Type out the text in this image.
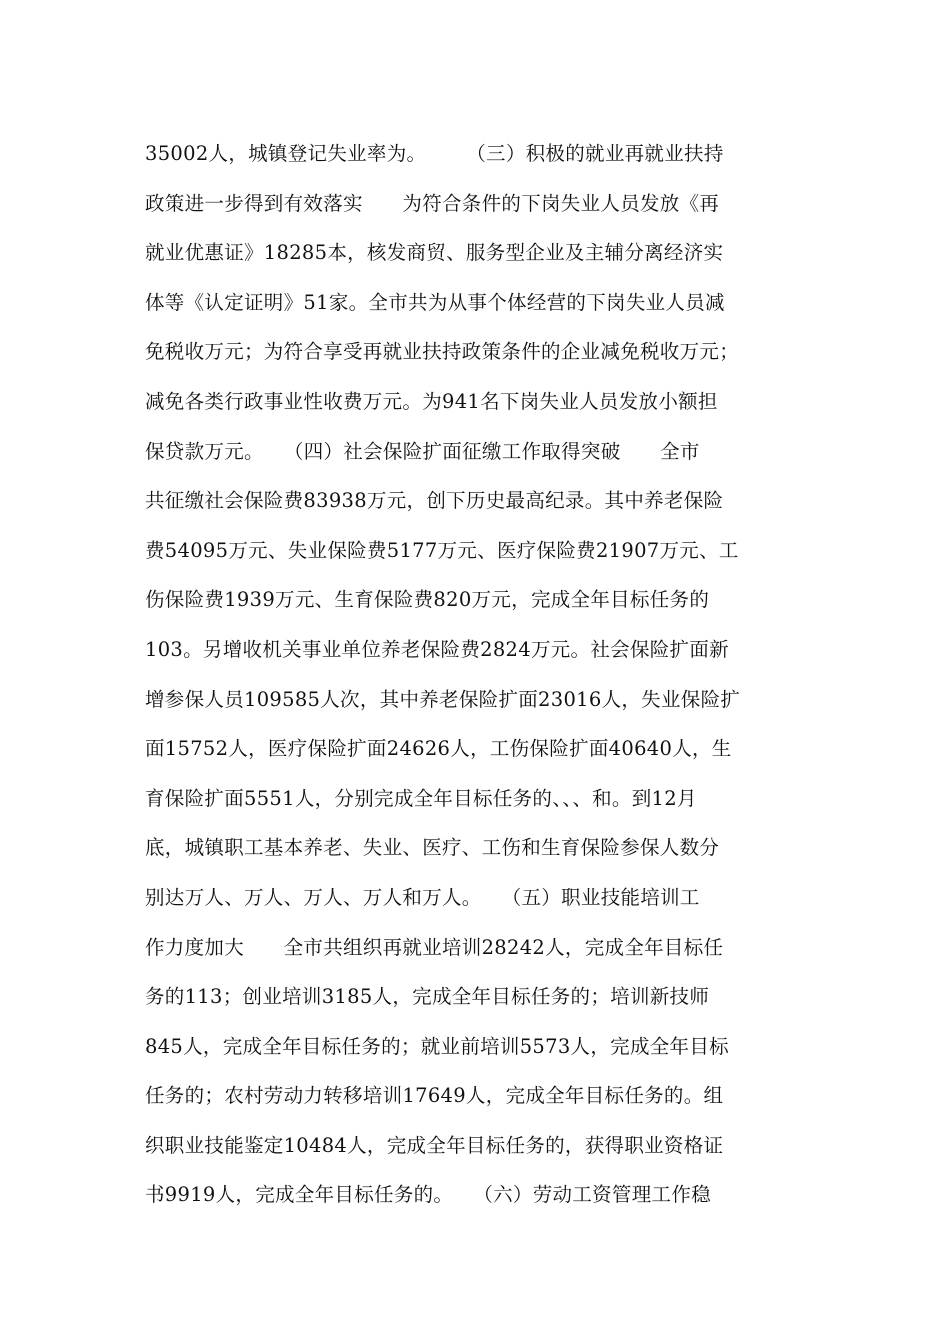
35002人，城镇登记失业率为。　　　（三）积极的就业再就业扶持
政策进一步得到有效落实　　为符合条件的下岗失业人员发放《再
就业优惠证》18285本，核发商贸、服务型企业及主辅分离经济实
体等《认定证明》51家。全市共为从事个体经营的下岗失业人员减
免税收万元；为符合享受再就业扶持政策条件的企业减免税收万元；
减免各类行政事业性收费万元。为941名下岗失业人员发放小额担
保贷款万元。　　（四）社会保险扩面征缴工作取得突破　　全市
共征缴社会保险费83938万元，创下历史最高纪录。其中养老保险
费54095万元、失业保险费5177万元、医疗保险费21907万元、工
伤保险费1939万元、生育保险费820万元，完成全年目标任务的
103。另增收机关事业单位养老保险费2824万元。社会保险扩面新
增参保人员109585人次，其中养老保险扩面23016人，失业保险扩
面15752人，医疗保险扩面24626人，工伤保险扩面40640人，生
育保险扩面5551人，分别完成全年目标任务的、、、和。到12月
底，城镇职工基本养老、失业、医疗、工伤和生育保险参保人数分
别达万人、万人、万人、万人和万人。　　（五）职业技能培训工
作力度加大　　全市共组织再就业培训28242人，完成全年目标任
务的113；创业培训3185人，完成全年目标任务的；培训新技师
845人，完成全年目标任务的；就业前培训5573人，完成全年目标
任务的；农村劳动力转移培训17649人，完成全年目标任务的。组
织职业技能鉴定10484人，完成全年目标任务的，获得职业资格证
书9919人，完成全年目标任务的。　　（六）劳动工资管理工作稳
